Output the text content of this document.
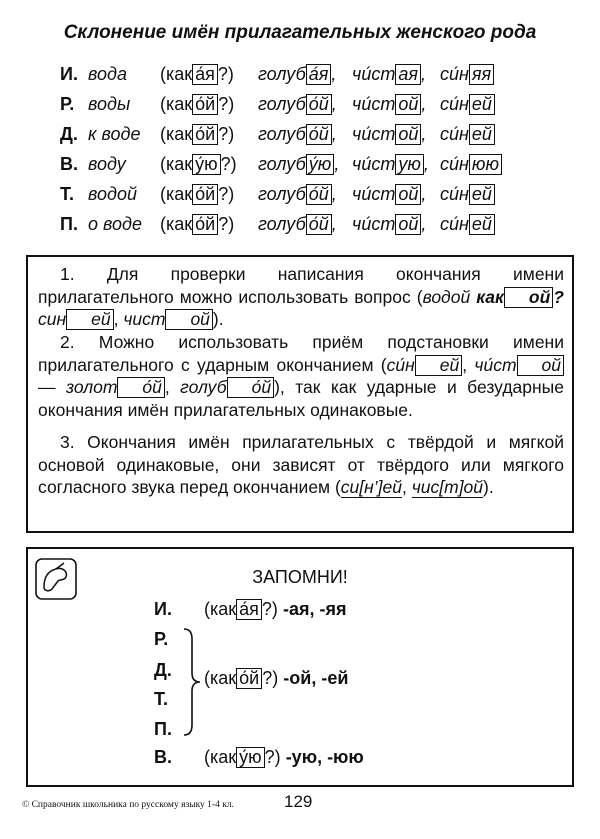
Склонение имён прилагательных женского рода
И. вода (как а́я ?) голуб а́я , чи́ст ая , си́н яя
Р. воды (как о́й ?) голуб о́й , чи́ст ой , си́н ей
Д. к воде (как о́й ?) голуб о́й , чи́ст ой , си́н ей
В. воду (как у́ю ?) голуб у́ю , чи́ст ую , си́н юю
Т. водой (как о́й ?) голуб о́й , чи́ст ой , си́н ей
П. о воде (как о́й ?) голуб о́й , чи́ст ой , си́н ей

1. Для проверки написания окончания имени прилагательного можно использовать вопрос (водой как ой ? син ей , чист ой ).

2. Можно использовать приём подстановки имени прилагательного с ударным окончанием (си́н ей , чи́ст ой — золот о́й , голуб о́й ), так как ударные и безударные окончания имён прилагательных одинаковые.

3. Окончания имён прилагательных с твёрдой и мягкой основой одинаковые, они зависят от твёрдого или мягкого согласного звука перед окончанием (си[н’]ей, чис[т]ой).

ЗАПОМНИ!
И. (как а́я ?) -ая, -яя
Р.
Д.
Т.
П.
(как о́й ?) -ой, -ей
В. (как у́ю ?) -ую, -юю
© Справочник школьника по русскому языку 1-4 кл.	129
